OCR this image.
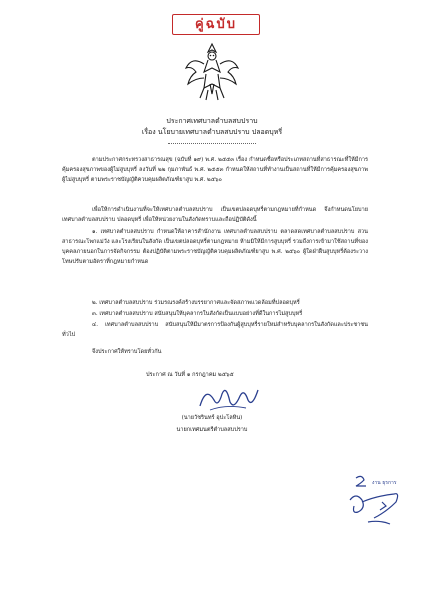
คู่ฉบับ
ประกาศเทศบาลตำบลสบปราบ
เรื่อง นโยบายเทศบาลตำบลสบปราบ ปลอดบุหรี่
ตามประกาศกระทรวงสาธารณสุข (ฉบับที่ ๑๙) พ.ศ. ๒๕๕๓ เรื่อง กำหนดชื่อหรือประเภทสถานที่สาธารณะที่ให้มีการคุ้มครองสุขภาพของผู้ไม่สูบบุหรี่ ลงวันที่ ๒๒ กุมภาพันธ์ พ.ศ. ๒๕๕๓ กำหนดให้สถานที่ทำงานเป็นสถานที่ให้มีการคุ้มครองสุขภาพผู้ไม่สูบบุหรี่ ตามพระราชบัญญัติควบคุมผลิตภัณฑ์ยาสูบ พ.ศ. ๒๕๖๐
เพื่อให้การดำเนินงานที่จะให้เทศบาลตำบลสบปราบ เป็นเขตปลอดบุหรี่ตามกฎหมายที่กำหนด จึงกำหนดนโยบายเทศบาลตำบลสบปราบ ปลอดบุหรี่ เพื่อให้หน่วยงานในสังกัดทราบและถือปฏิบัติดังนี้
๑. เทศบาลตำบลสบปราบ กำหนดให้อาคารสำนักงาน เทศบาลตำบลสบปราบ ตลาดสดเทศบาลตำบลสบปราบ สวนสาธารณะโพกแม่วัง และโรงเรียนในสังกัด เป็นเขตปลอดบุหรี่ตามกฎหมาย ห้ามมิให้มีการสูบบุหรี่ รวมถึงการเข้ามาใช้สถานที่ของบุคคลภายนอกในการจัดกิจกรรม ต้องปฏิบัติตามพระราชบัญญัติควบคุมผลิตภัณฑ์ยาสูบ พ.ศ. ๒๕๖๐ ผู้ใดฝ่าฝืนสูบบุหรี่ต้องระวางโทษปรับตามอัตราที่กฎหมายกำหนด
๒. เทศบาลตำบลสบปราบ ร่วมรณรงค์สร้างบรรยากาศและจัดสภาพแวดล้อมที่ปลอดบุหรี่
๓. เทศบาลตำบลสบปราบ สนับสนุนให้บุคลากรในสังกัดเป็นแบบอย่างที่ดีในการไม่สูบบุหรี่
๔. เทศบาลตำบลสบปราบ สนับสนุนให้มีมาตรการป้องกันผู้สูบบุหรี่รายใหม่สำหรับบุคลากรในสังกัดและประชาชนทั่วไป
จึงประกาศให้ทราบโดยทั่วกัน
ประกาศ ณ วันที่ ๑ กรกฎาคม ๒๕๖๕
(นายวัชรินทร์ อุปะโลหิน)
นายกเทศมนตรีตำบลสบปราบ
งาน ธุรการ
